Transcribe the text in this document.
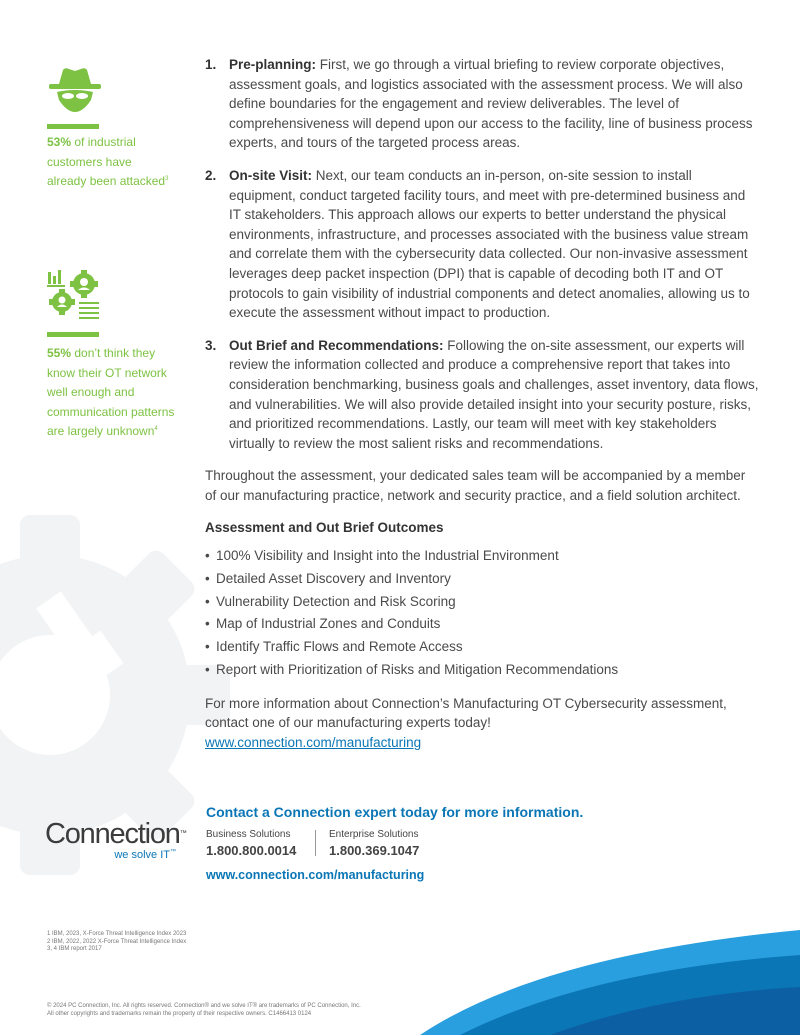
53% of industrial
customers have
already been attacked$^3$
55% don’t think they
know their OT network
well enough and
communication patterns
are largely unknown$^4$
1. Pre-planning: First, we go through a virtual briefing to review corporate objectives, assessment goals, and logistics associated with the assessment process. We will also define boundaries for the engagement and review deliverables. The level of comprehensiveness will depend upon our access to the facility, line of business process experts, and tours of the targeted process areas.
2. On-site Visit: Next, our team conducts an in-person, on-site session to install equipment, conduct targeted facility tours, and meet with pre-determined business and IT stakeholders. This approach allows our experts to better understand the physical environments, infrastructure, and processes associated with the business value stream and correlate them with the cybersecurity data collected. Our non-invasive assessment leverages deep packet inspection (DPI) that is capable of decoding both IT and OT protocols to gain visibility of industrial components and detect anomalies, allowing us to execute the assessment without impact to production.
3. Out Brief and Recommendations: Following the on-site assessment, our experts will review the information collected and produce a comprehensive report that takes into consideration benchmarking, business goals and challenges, asset inventory, data flows, and vulnerabilities. We will also provide detailed insight into your security posture, risks, and prioritized recommendations. Lastly, our team will meet with key stakeholders virtually to review the most salient risks and recommendations.

Throughout the assessment, your dedicated sales team will be accompanied by a member of our manufacturing practice, network and security practice, and a field solution architect.

Assessment and Out Brief Outcomes

• 100% Visibility and Insight into the Industrial Environment
• Detailed Asset Discovery and Inventory
• Vulnerability Detection and Risk Scoring
• Map of Industrial Zones and Conduits
• Identify Traffic Flows and Remote Access
• Report with Prioritization of Risks and Mitigation Recommendations

For more information about Connection’s Manufacturing OT Cybersecurity assessment, contact one of our manufacturing experts today!
www.connection.com/manufacturing

Contact a Connection expert today for more information.
Business Solutions
1.800.800.0014
Enterprise Solutions
1.800.369.1047
www.connection.com/manufacturing
Connection™
we solve IT™
1 IBM, 2023, X-Force Threat Intelligence Index 2023
2 IBM, 2022, 2022 X-Force Threat Intelligence Index
3, 4 IBM report 2017
© 2024 PC Connection, Inc. All rights reserved. Connection® and we solve IT® are trademarks of PC Connection, Inc.
All other copyrights and trademarks remain the property of their respective owners. C1466413 0124
